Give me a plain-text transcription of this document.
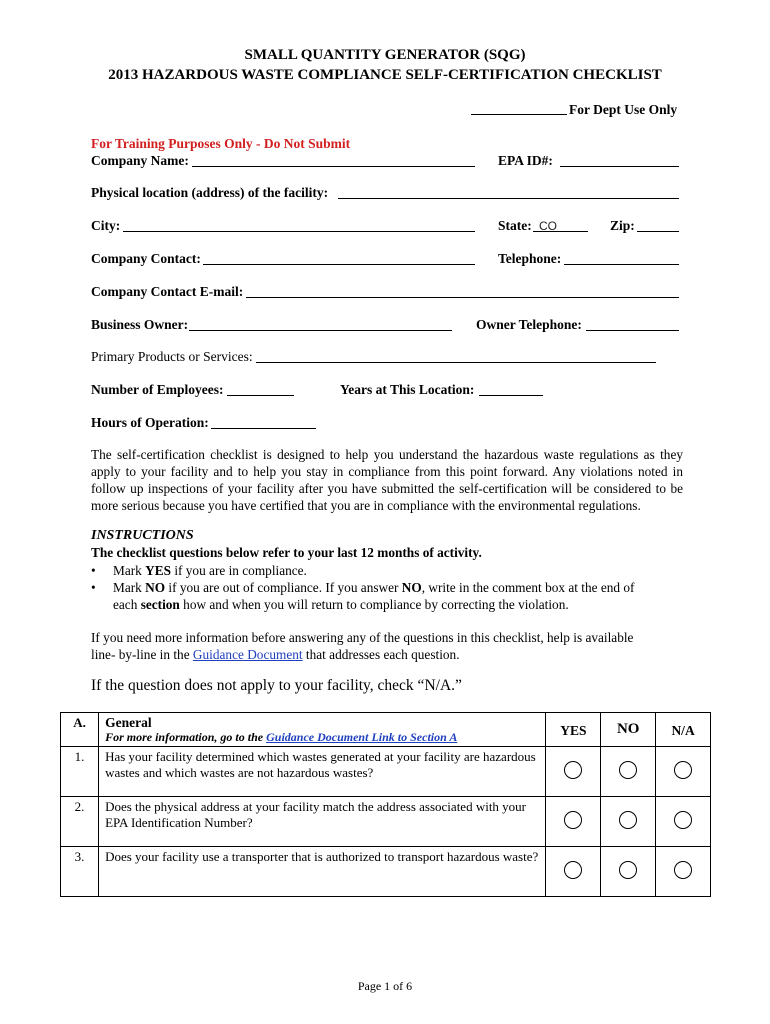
SMALL QUANTITY GENERATOR (SQG)
2013 HAZARDOUS WASTE COMPLIANCE SELF-CERTIFICATION CHECKLIST
For Dept Use Only
For Training Purposes Only - Do Not Submit
Company Name:	EPA ID#:
Physical location (address) of the facility:
City:	State: CO	Zip:
Company Contact:	Telephone:
Company Contact E-mail:
Business Owner:	Owner Telephone:
Primary Products or Services:
Number of Employees:	Years at This Location:
Hours of Operation:
The self-certification checklist is designed to help you understand the hazardous waste regulations as they apply to your facility and to help you stay in compliance from this point forward. Any violations noted in follow up inspections of your facility after you have submitted the self-certification will be considered to be more serious because you have certified that you are in compliance with the environmental regulations.
INSTRUCTIONS
The checklist questions below refer to your last 12 months of activity.
• Mark YES if you are in compliance.
• Mark NO if you are out of compliance. If you answer NO, write in the comment box at the end of
each section how and when you will return to compliance by correcting the violation.
If you need more information before answering any of the questions in this checklist, help is available
line- by-line in the Guidance Document that addresses each question.
If the question does not apply to your facility, check “N/A.”
A.	General
For more information, go to the Guidance Document Link to Section A	YES	NO	N/A
1.	Has your facility determined which wastes generated at your facility are hazardous wastes and which wastes are not hazardous wastes?			
2.	Does the physical address at your facility match the address associated with your EPA Identification Number?			
3.	Does your facility use a transporter that is authorized to transport hazardous waste?			
Page 1 of 6
